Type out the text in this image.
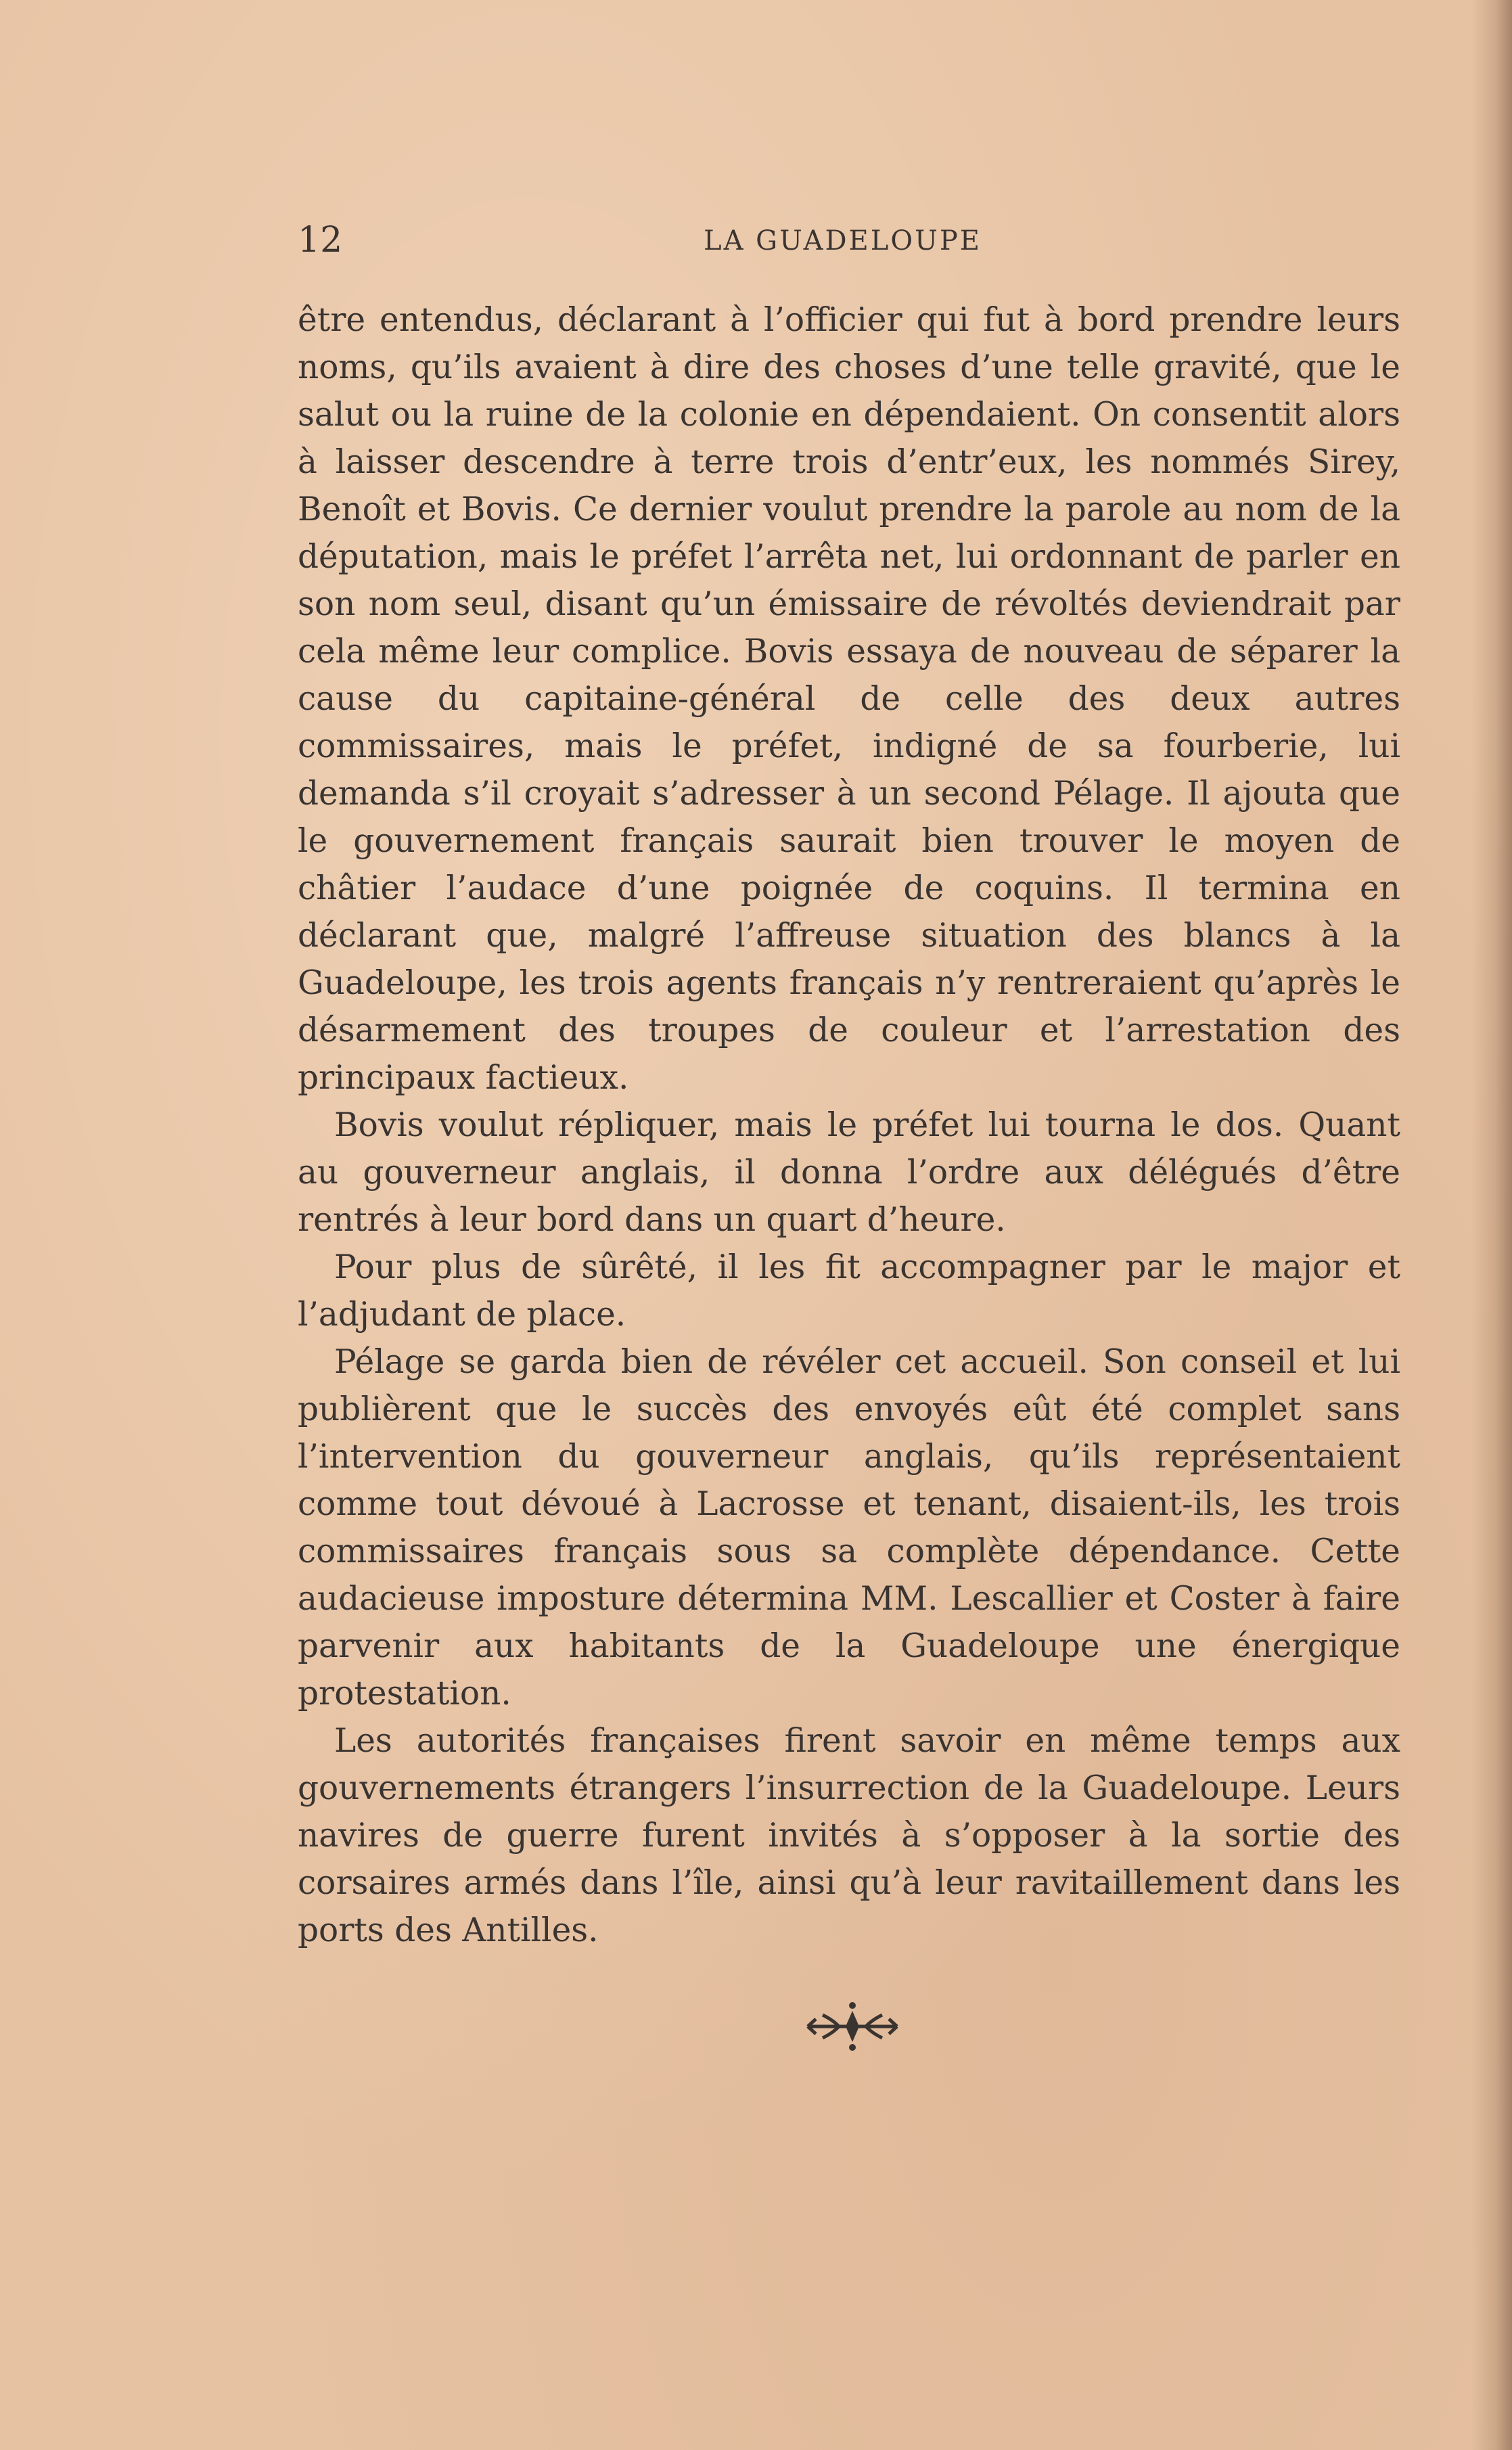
12	LA GUADELOUPE

être entendus, déclarant à l’officier qui fut à bord prendre leurs noms, qu’ils avaient à dire des choses d’une telle gravité, que le salut ou la ruine de la colonie en dépendaient. On consentit alors à laisser descendre à terre trois d’entr’eux, les nommés Sirey, Benoît et Bovis. Ce dernier voulut prendre la parole au nom de la députation, mais le préfet l’arrêta net, lui ordonnant de parler en son nom seul, disant qu’un émissaire de révoltés deviendrait par cela même leur complice. Bovis essaya de nouveau de séparer la cause du capitaine-général de celle des deux autres commissaires, mais le préfet, indigné de sa fourberie, lui demanda s’il croyait s’adresser à un second Pélage. Il ajouta que le gouvernement français saurait bien trouver le moyen de châtier l’audace d’une poignée de coquins. Il termina en déclarant que, malgré l’affreuse situation des blancs à la Guadeloupe, les trois agents français n’y rentreraient qu’après le désarmement des troupes de couleur et l’arrestation des principaux factieux.

Bovis voulut répliquer, mais le préfet lui tourna le dos. Quant au gouverneur anglais, il donna l’ordre aux délégués d’être rentrés à leur bord dans un quart d’heure.

Pour plus de sûrêté, il les fit accompagner par le major et l’adjudant de place.

Pélage se garda bien de révéler cet accueil. Son conseil et lui publièrent que le succès des envoyés eût été complet sans l’intervention du gouverneur anglais, qu’ils représentaient comme tout dévoué à Lacrosse et tenant, disaient-ils, les trois commissaires français sous sa complète dépendance. Cette audacieuse imposture détermina MM. Lescallier et Coster à faire parvenir aux habitants de la Guadeloupe une énergique protestation.

Les autorités françaises firent savoir en même temps aux gouvernements étrangers l’insurrection de la Guadeloupe. Leurs navires de guerre furent invités à s’opposer à la sortie des corsaires armés dans l’île, ainsi qu’à leur ravitaillement dans les ports des Antilles.
